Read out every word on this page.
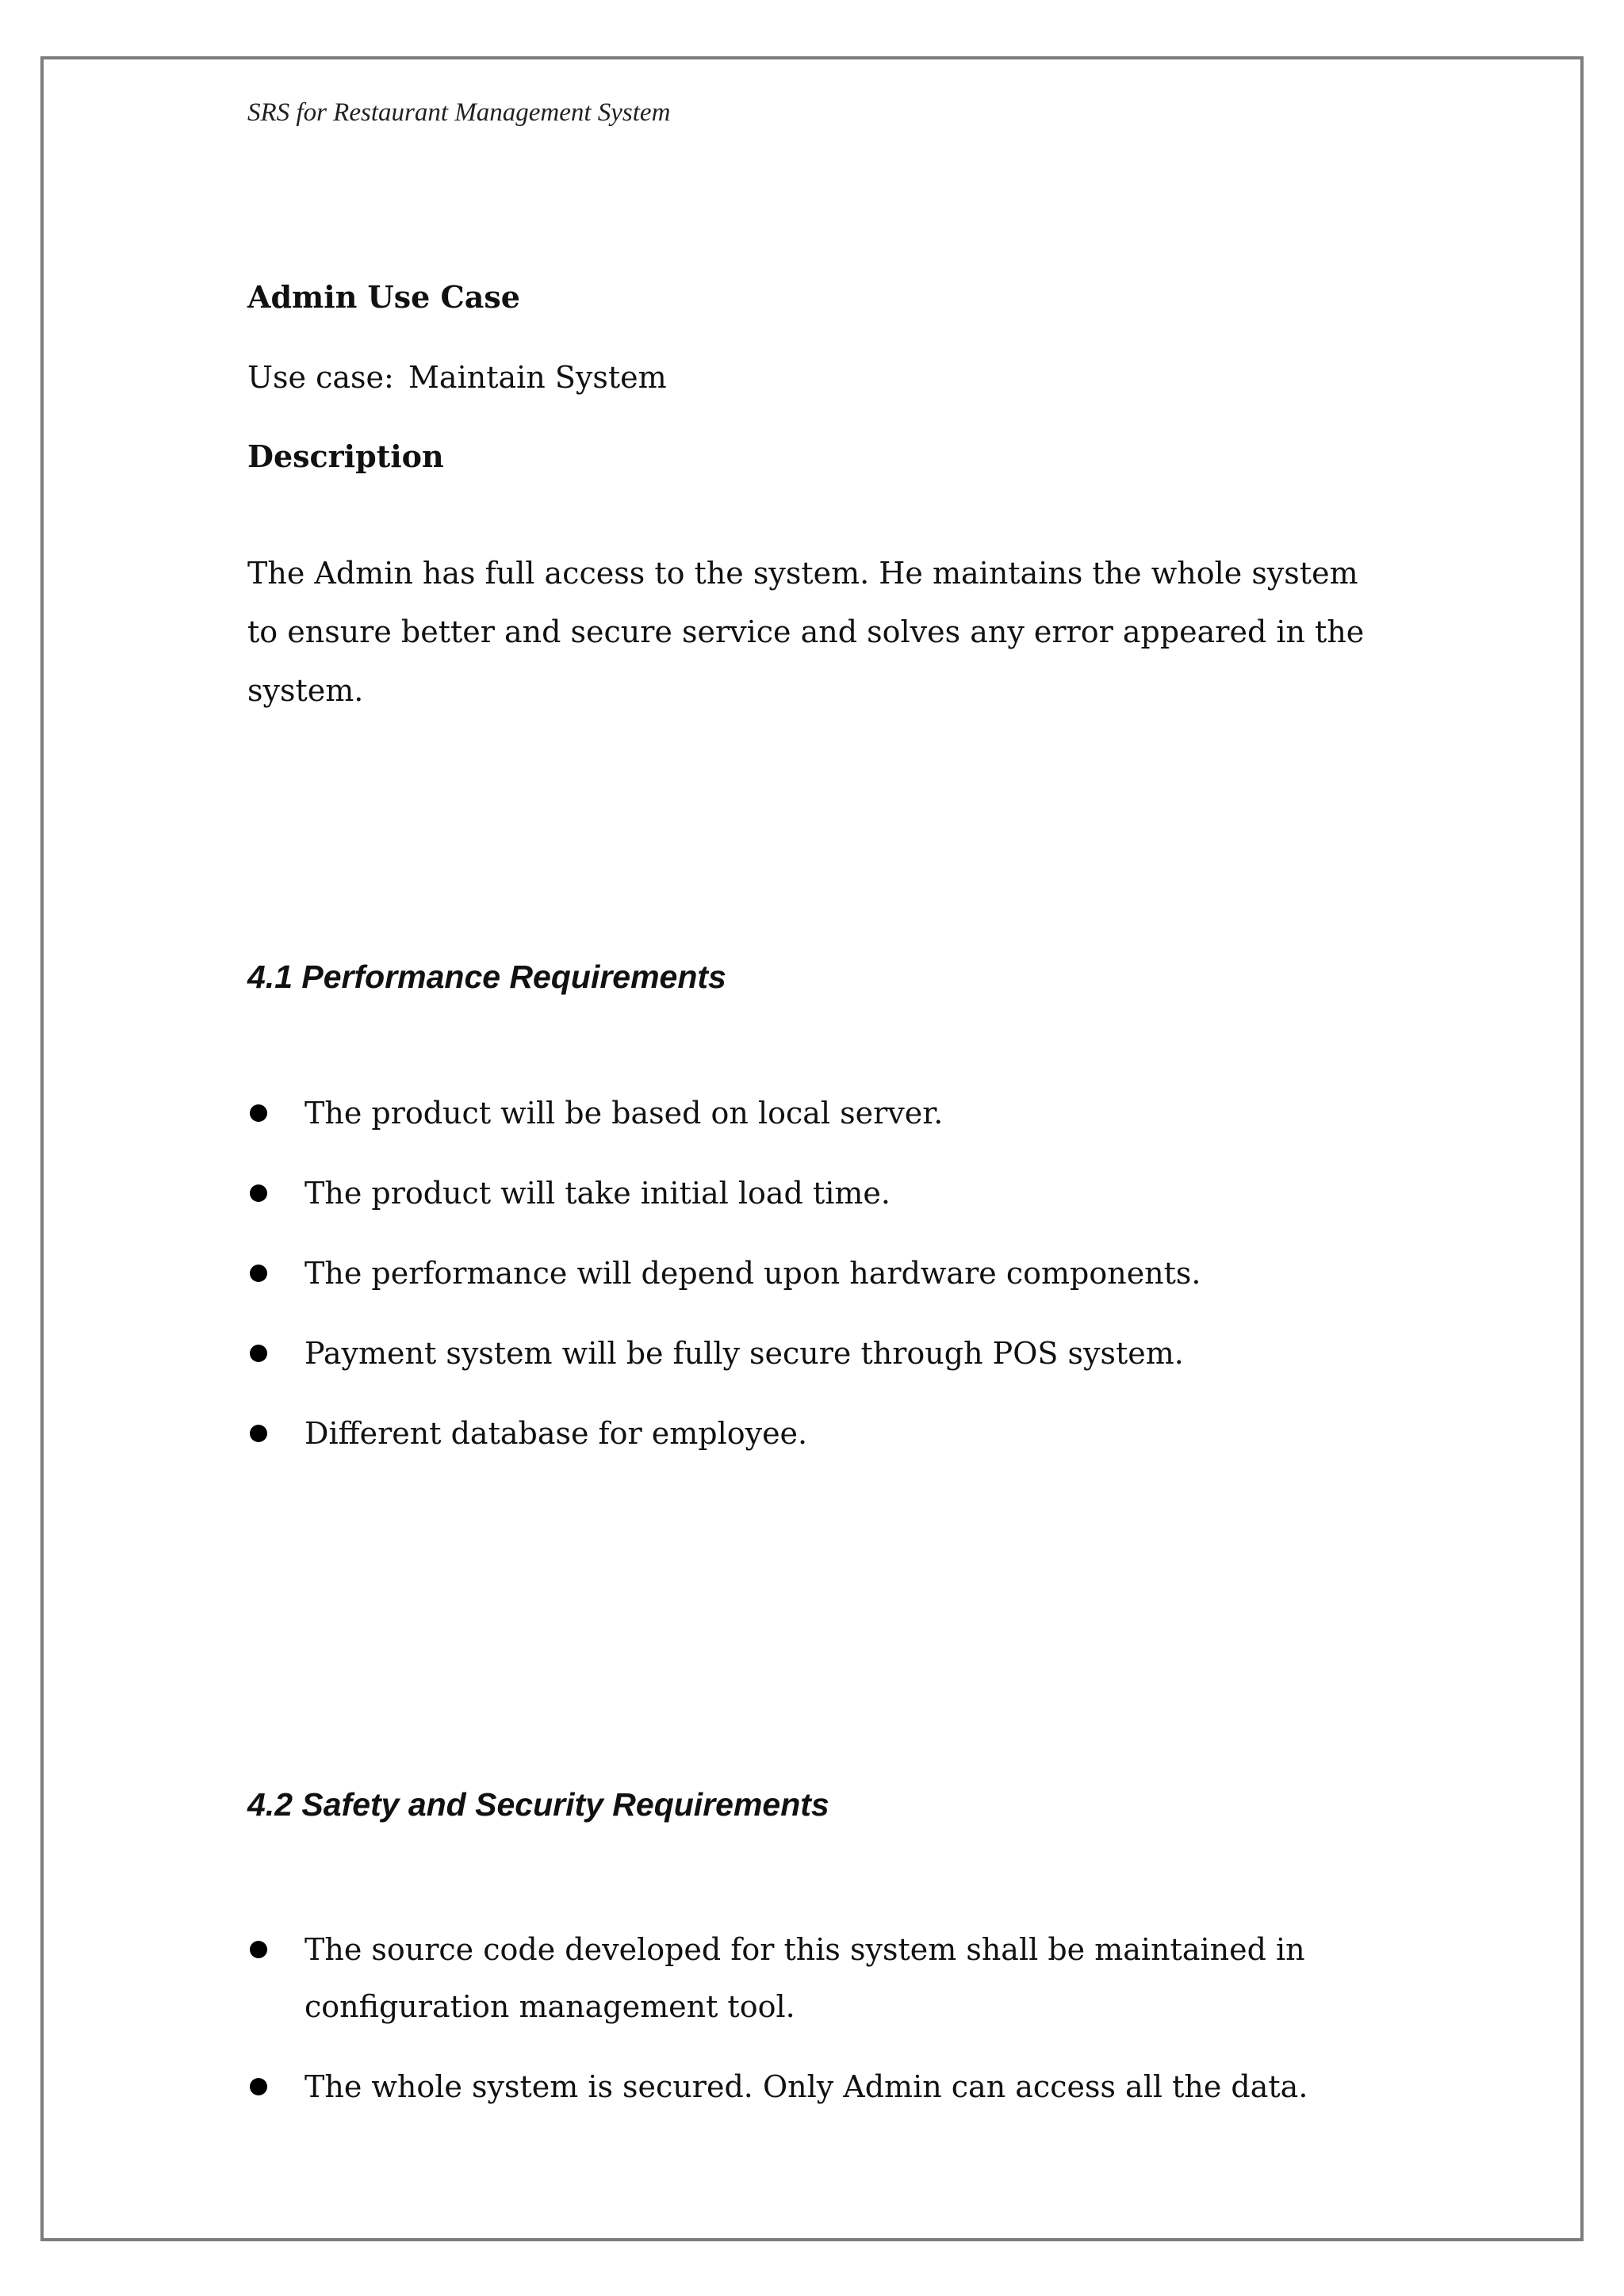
SRS for Restaurant Management System
Admin Use Case
Use case: Maintain System
Description

The Admin has full access to the system. He maintains the whole system to ensure better and secure service and solves any error appeared in the system.

4.1 Performance Requirements
The product will be based on local server.
The product will take initial load time.
The performance will depend upon hardware components.
Payment system will be fully secure through POS system.
Different database for employee.
4.2 Safety and Security Requirements
The source code developed for this system shall be maintained in configuration management tool.
The whole system is secured. Only Admin can access all the data.
